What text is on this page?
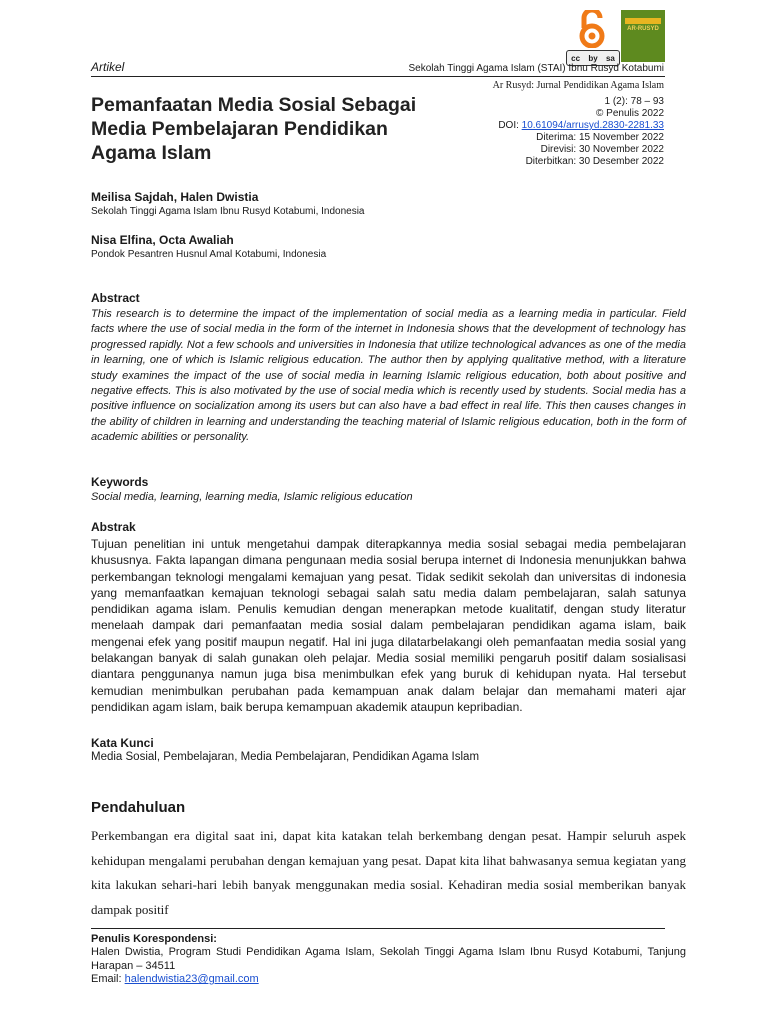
cc by sa
AR-RUSYD
Artikel	Sekolah Tinggi Agama Islam (STAI) Ibnu Rusyd Kotabumi
Ar Rusyd: Jurnal Pendidikan Agama Islam
Pemanfaatan Media Sosial Sebagai Media Pembelajaran Pendidikan Agama Islam
1 (2): 78 – 93
© Penulis 2022
DOI: 10.61094/arrusyd.2830-2281.33
Diterima: 15 November 2022
Direvisi: 30 November 2022
Diterbitkan: 30 Desember 2022
Meilisa Sajdah, Halen Dwistia
Sekolah Tinggi Agama Islam Ibnu Rusyd Kotabumi, Indonesia
Nisa Elfina, Octa Awaliah
Pondok Pesantren Husnul Amal Kotabumi, Indonesia
Abstract
This research is to determine the impact of the implementation of social media as a learning media in particular. Field facts where the use of social media in the form of the internet in Indonesia shows that the development of technology has progressed rapidly. Not a few schools and universities in Indonesia that utilize technological advances as one of the media in learning, one of which is Islamic religious education. The author then by applying qualitative method, with a literature study examines the impact of the use of social media in learning Islamic religious education, both about positive and negative effects. This is also motivated by the use of social media which is recently used by students. Social media has a positive influence on socialization among its users but can also have a bad effect in real life. This then causes changes in the ability of children in learning and understanding the teaching material of Islamic religious education, both in the form of academic abilities or personality.
Keywords
Social media, learning, learning media, Islamic religious education
Abstrak
Tujuan penelitian ini untuk mengetahui dampak diterapkannya media sosial sebagai media pembelajaran khususnya. Fakta lapangan dimana pengunaan media sosial berupa internet di Indonesia menunjukkan bahwa perkembangan teknologi mengalami kemajuan yang pesat. Tidak sedikit sekolah dan universitas di indonesia yang memanfaatkan kemajuan teknologi sebagai salah satu media dalam pembelajaran, salah satunya pendidikan agama islam. Penulis kemudian dengan menerapkan metode kualitatif, dengan study literatur menelaah dampak dari pemanfaatan media sosial dalam pembelajaran pendidikan agama islam, baik mengenai efek yang positif maupun negatif. Hal ini juga dilatarbelakangi oleh pemanfaatan media sosial yang belakangan banyak di salah gunakan oleh pelajar. Media sosial memiliki pengaruh positif dalam sosialisasi diantara penggunanya namun juga bisa menimbulkan efek yang buruk di kehidupan nyata. Hal tersebut kemudian menimbulkan perubahan pada kemampuan anak dalam belajar dan memahami materi ajar pendidikan agam islam, baik berupa kemampuan akademik ataupun kepribadian.
Kata Kunci
Media Sosial, Pembelajaran, Media Pembelajaran, Pendidikan Agama Islam
Pendahuluan
Perkembangan era digital saat ini, dapat kita katakan telah berkembang dengan pesat. Hampir seluruh aspek kehidupan mengalami perubahan dengan kemajuan yang pesat. Dapat kita lihat bahwasanya semua kegiatan yang kita lakukan sehari-hari lebih banyak menggunakan media sosial. Kehadiran media sosial memberikan banyak dampak positif
Penulis Korespondensi:
Halen Dwistia, Program Studi Pendidikan Agama Islam, Sekolah Tinggi Agama Islam Ibnu Rusyd Kotabumi, Tanjung Harapan – 34511
Email: halendwistia23@gmail.com
